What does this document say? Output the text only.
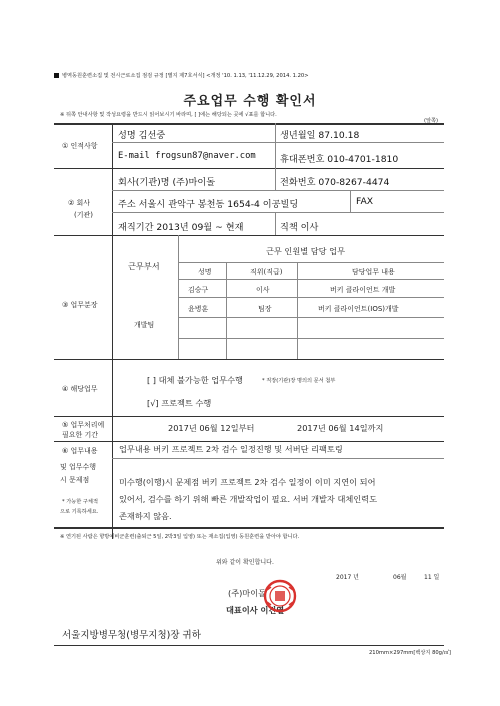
병역동원훈련소집 및 전시근로소집 점검 규정 [별지 제7호서식] <개정 '10. 1.13, '11.12.29, 2014. 1.20>
주요업무 수행 확인서
※ 뒤쪽 안내사항 및 작성요령을 반드시 읽어보시기 바라며, [ ]에는 해당되는 곳에 √표를 합니다.
(앞쪽)
① 인적사항
성명 김선중	생년월일 87.10.18
E-mail frogsun87@naver.com	휴대폰번호 010-4701-1810
② 회사
(기관)
회사(기관)명 (주)마이돌	전화번호 070-8267-4474
주소 서울시 관악구 봉천동 1654-4 이공빌딩	FAX
재직기간 2013년 09월 ~ 현재	직책 이사
③ 업무분장
근무부서
근무 인원별 담당 업무
성명	직위(직급)	담당업무 내용
김승구	이사	버키 클라이언트 개발
윤병훈	팀장	버키 클라이언트(IOS)개발
개발팀
④ 해당업무
[ ] 대체 불가능한 업무수행	* 직장(기관)장 명의의 문서 첨부
[√] 프로젝트 수행
⑤ 업무처리에
필요한 기간
2017년 06월 12일부터	2017년 06월 14일까지
⑥ 업무내용
및 업무수행
시 문제점
* 가능한 구체적
으로 기록하세요.
업무내용 버키 프로젝트 2차 검수 일정진행 및 서버단 리팩토링
미수행(이행)시 문제점 버키 프로젝트 2차 검수 일정이 이미 지연이 되어
있어서, 검수를 하기 위해 빠른 개발작업이 필요. 서버 개발자 대체인력도
존재하지 않음.
※ 연기된 사람은 향방예비군훈련(출퇴근 5일, 2박3일 입영) 또는 재소집(입영) 동원훈련을 받아야 합니다.
위와 같이 확인합니다.
2017 년	06월	11 일
(주)마이돌
대표이사 이진열
서울지방병무청(병무지청)장 귀하
210mm×297mm[백상지 80g/㎡]
